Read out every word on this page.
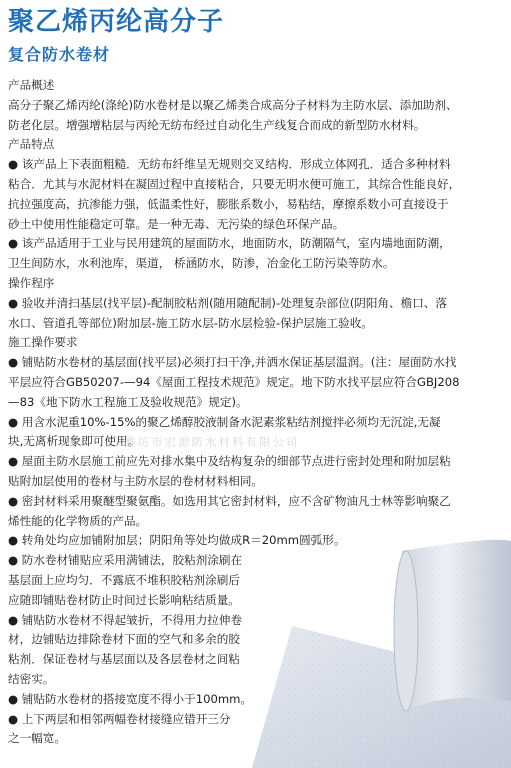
聚乙烯丙纶高分子
复合防水卷材

产品概述

高分子聚乙烯丙纶(涤纶)防水卷材是以聚乙烯类合成高分子材料为主防水层、添加助剂、

防老化层。增强增粘层与丙纶无纺布经过自动化生产线复合而成的新型防水材料。

产品特点

● 该产品上下表面粗糙．无纺布纤维呈无规则交叉结构．形成立体网孔．适合多种材料

粘合．尤其与水泥材料在凝固过程中直接粘合，只要无明水便可施工，其综合性能良好，

抗拉强度高，抗渗能力强，低温柔性好，膨胀系数小，易粘结，摩擦系数小可直接设于

砂土中使用性能稳定可靠。是一种无毒、无污染的绿色环保产品。

● 该产品适用于工业与民用建筑的屋面防水，地面防水，防潮隔气，室内墙地面防潮，

卫生间防水，水利池库，渠道， 桥涵防水，防渗，冶金化工防污染等防水。

操作程序

● 验收并清扫基层(找平层)-配制胶粘剂(随用随配制)-处理复杂部位(阴阳角、檐口、落

水口、管道孔等部位)附加层-施工防水层-防水层检验-保护层施工验收。

施工操作要求

● 铺贴防水卷材的基层面(找平层)必须打扫干净,并洒水保证基层温润。(注：屋面防水找

平层应符合GB50207-—94《屋面工程技术规范》规定。地下防水找平层应符合GBJ208

—83《地下防水工程施工及验收规范》规定)。

● 用含水泥重10%-15%的聚乙烯醇胶液制备水泥素浆粘结剂搅拌必须均无沉淀,无凝

块,无离析现象即可使用。

● 屋面主防水层施工前应先对排水集中及结构复杂的细部节点进行密封处理和附加层粘

贴附加层使用的卷材与主防水层的卷材材料相同。

● 密封材料采用聚醚型聚氨酯。如选用其它密封材料，应不含矿物油凡士林等影响聚乙

烯性能的化学物质的产品。

● 转角处均应加铺附加层；阴阳角等处均做成R＝20mm圆弧形。

● 防水卷材铺贴应采用满铺法，胶粘剂涂刷在

基层面上应均匀．不露底不堆积胶粘剂涂刷后

应随即铺贴卷材防止时间过长影响粘结质量。

● 铺贴防水卷材不得起皱折，不得用力拉伸卷

材，边铺贴边排除卷材下面的空气和多余的胶

粘剂．保证卷材与基层面以及各层卷材之间粘

结密实。

● 铺贴防水卷材的搭接宽度不得小于100mm。

● 上下两层和相邻两幅卷材接缝应错开三分

之一幅宽。

潍坊市宏源防水材料有限公司
